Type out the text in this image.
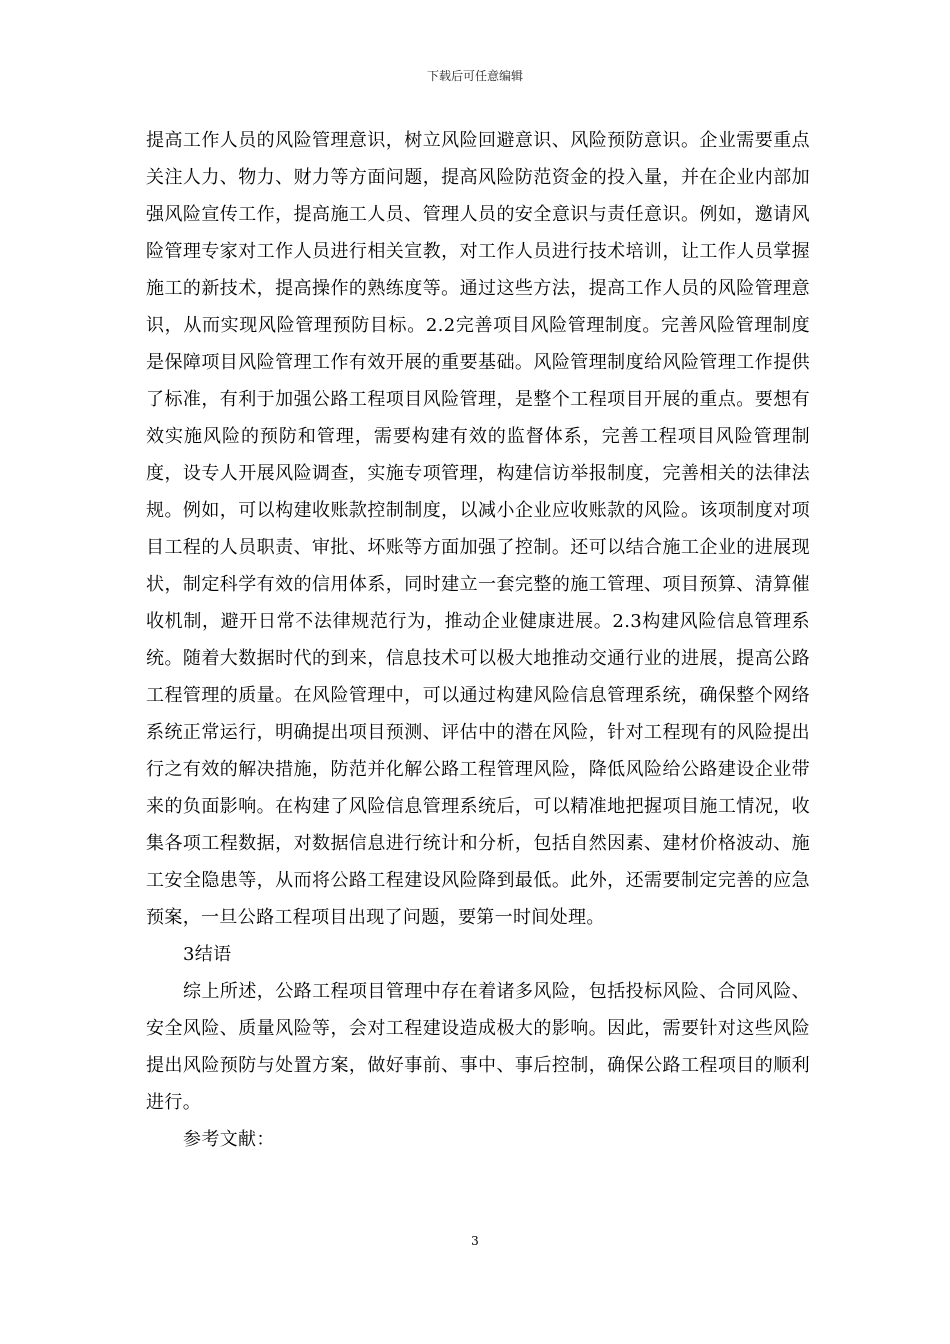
下载后可任意编辑

提高工作人员的风险管理意识，树立风险回避意识、风险预防意识。企业需要重点关注人力、物力、财力等方面问题，提高风险防范资金的投入量，并在企业内部加强风险宣传工作，提高施工人员、管理人员的安全意识与责任意识。例如，邀请风险管理专家对工作人员进行相关宣教，对工作人员进行技术培训，让工作人员掌握施工的新技术，提高操作的熟练度等。通过这些方法，提高工作人员的风险管理意识，从而实现风险管理预防目标。2.2完善项目风险管理制度。完善风险管理制度是保障项目风险管理工作有效开展的重要基础。风险管理制度给风险管理工作提供了标准，有利于加强公路工程项目风险管理，是整个工程项目开展的重点。要想有效实施风险的预防和管理，需要构建有效的监督体系，完善工程项目风险管理制度，设专人开展风险调查，实施专项管理，构建信访举报制度，完善相关的法律法规。例如，可以构建收账款控制制度，以减小企业应收账款的风险。该项制度对项目工程的人员职责、审批、坏账等方面加强了控制。还可以结合施工企业的进展现状，制定科学有效的信用体系，同时建立一套完整的施工管理、项目预算、清算催收机制，避开日常不法律规范行为，推动企业健康进展。2.3构建风险信息管理系统。随着大数据时代的到来，信息技术可以极大地推动交通行业的进展，提高公路工程管理的质量。在风险管理中，可以通过构建风险信息管理系统，确保整个网络系统正常运行，明确提出项目预测、评估中的潜在风险，针对工程现有的风险提出行之有效的解决措施，防范并化解公路工程管理风险，降低风险给公路建设企业带来的负面影响。在构建了风险信息管理系统后，可以精准地把握项目施工情况，收集各项工程数据，对数据信息进行统计和分析，包括自然因素、建材价格波动、施工安全隐患等，从而将公路工程建设风险降到最低。此外，还需要制定完善的应急预案，一旦公路工程项目出现了问题，要第一时间处理。

3结语

综上所述，公路工程项目管理中存在着诸多风险，包括投标风险、合同风险、安全风险、质量风险等，会对工程建设造成极大的影响。因此，需要针对这些风险提出风险预防与处置方案，做好事前、事中、事后控制，确保公路工程项目的顺利进行。

参考文献：

3
